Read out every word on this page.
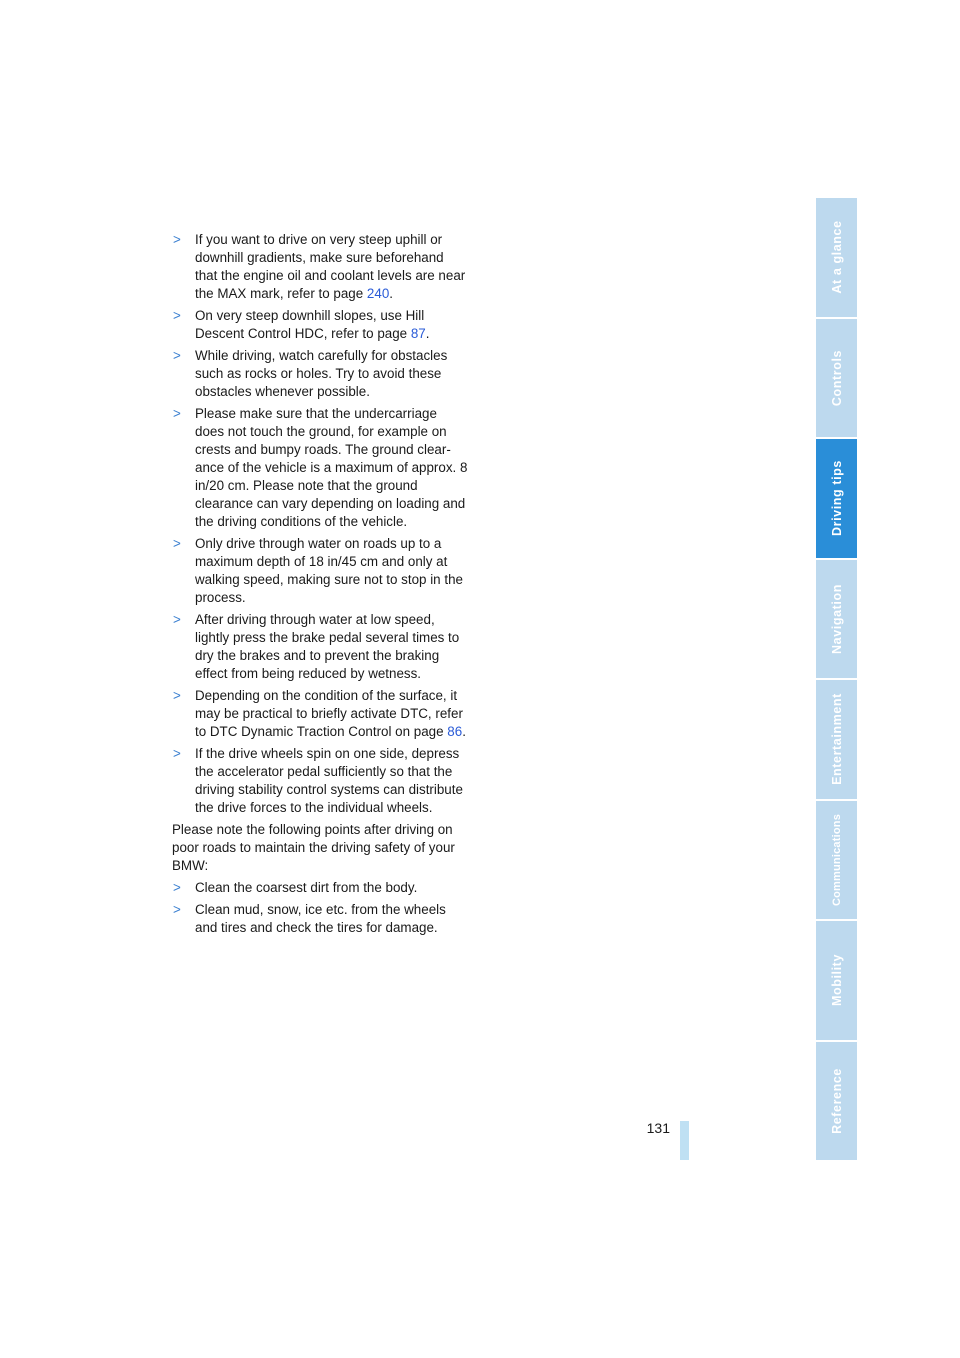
> If you want to drive on very steep uphill or downhill gradients, make sure beforehand that the engine oil and coolant levels are near the MAX mark, refer to page 240.
> On very steep downhill slopes, use Hill Descent Control HDC, refer to page 87.
> While driving, watch carefully for obstacles such as rocks or holes. Try to avoid these obstacles whenever possible.
> Please make sure that the undercarriage does not touch the ground, for example on crests and bumpy roads. The ground clearance of the vehicle is a maximum of approx. 8 in/20 cm. Please note that the ground clearance can vary depending on loading and the driving conditions of the vehicle.
> Only drive through water on roads up to a maximum depth of 18 in/45 cm and only at walking speed, making sure not to stop in the process.
> After driving through water at low speed, lightly press the brake pedal several times to dry the brakes and to prevent the braking effect from being reduced by wetness.
> Depending on the condition of the surface, it may be practical to briefly activate DTC, refer to DTC Dynamic Traction Control on page 86.
> If the drive wheels spin on one side, depress the accelerator pedal sufficiently so that the driving stability control systems can distribute the drive forces to the individual wheels.

Please note the following points after driving on poor roads to maintain the driving safety of your BMW:

> Clean the coarsest dirt from the body.
> Clean mud, snow, ice etc. from the wheels and tires and check the tires for damage.
At a glance
Controls
Driving tips
Navigation
Entertainment
Communications
Mobility
Reference
131
